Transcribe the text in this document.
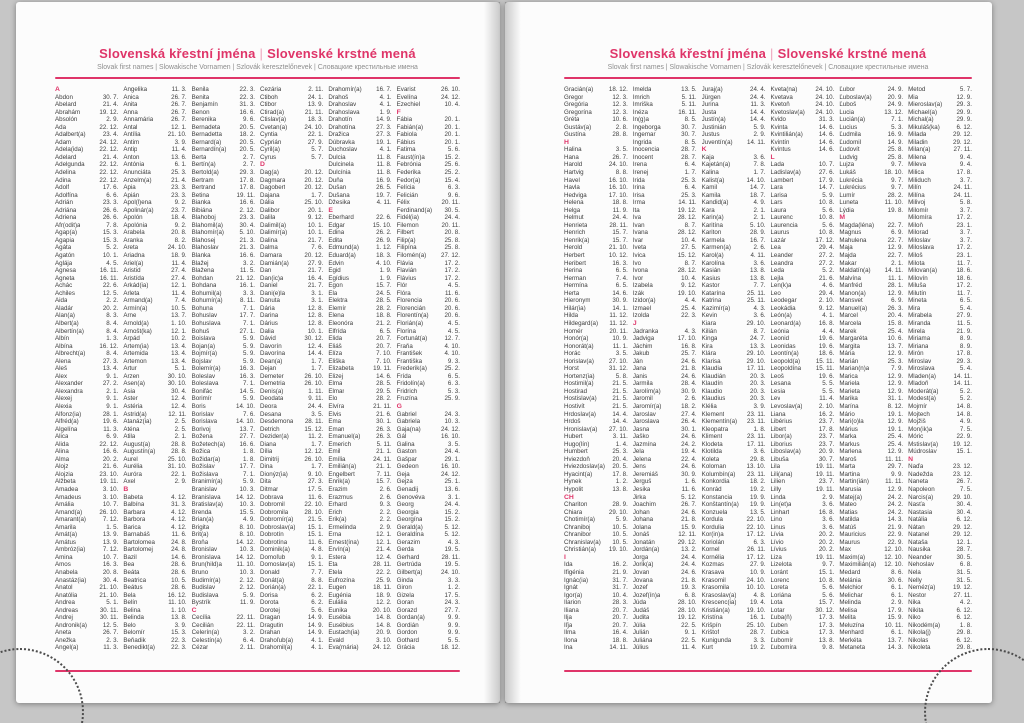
Slovenská křestní jména | Slovenské krstné mená
Slovak first names | Slowakische Vornamen | Szlovák keresztelőnevek | Словацкие крестильные имена
A
Abdon	30. 7.
Abelard	21. 4.
Abrahám	19. 12.
Absolón	2. 9.
Ada	22. 12.
Adalbert(a)	23. 4.
Adam	24. 12.
Adela(ida)	22. 12.
Adelard	21. 4.
Adelgunda 22. 12.
Adelina	22. 12.
Adina	22. 12.
Adolf	17. 6.
Adolfína	6. 6.
Adrián	23. 3.
Adriána	26. 6.
Adriena	26. 6.
Afr(odit)a	7. 8.
Agap(a)	15. 3.
Agapia	15. 3.
Agáta	5. 2.
Agatón	10. 1.
Aglája	4. 5.
Agnesa	16. 11.
Agneta	16. 11.
Achác	22. 6.
Achiles	12. 5.
Aida	2. 2.
Aladár	20. 2.
Alan(a)	8. 3.
Albert(a)	8. 4.
Albertín(a)	8. 4.
Albín	1. 3.
Albína	16. 12.
Albrecht(a)	8. 4.
Alena	27. 3.
Aleš	13. 4.
Alex	9. 1.
Alexander	27. 2.
Alexandra	2. 1.
Alexej	9. 1.
Alexia	9. 1.
Alfonz(ia)	28. 1.
Alfréd(a)	19. 6.
Algelína	11. 3.
Alica	6. 9.
Alida	22. 12.
Alina	16. 6.
Alma	20. 2.
Alojz	21. 6.
Alojzia	23. 10.
Alžbeta	19. 11.
Amadea	3. 10.
Amadeus	3. 10.
Amália	10. 7.
Amand(a)	26. 10.
Amarant(a)	7. 12.
Amarila	1. 5.
Amát(a)	13. 9.
Amátus	13. 9.
Ambróz(ia)	7. 12.
Amina	10. 7.
Amos	16. 3.
Anabela	20. 8.
Anastáz(ia)	30. 4.
Anatol	21. 10.
Anatólia	21. 10.
Andrea	5. 1.
Andreas	30. 11.
Andrej	30. 11.
Andronik(a)	12. 5.
Aneta	26. 7.
Anežka	2. 3.
Angel(a)	11. 3.
Angelika	11. 3.
Anica	26. 7.
Anita	26. 7.
Anna	26. 7.
Annamária	26. 7.
Antal	12. 1.
Antília	21. 10.
Antim	3. 9.
Antip	11. 4.
Anton	13. 6.
Antónia	6. 1.
Anunciáta	25. 3.
Anzelm(a)	21. 4.
Apia	23. 3.
Apián	23. 3.
Apol(l)ena	9. 2.
Apolinár(a)	23. 7.
Apolón	18. 4.
Apolónia	9. 2.
Arabela	20. 8.
Aranka	8. 2.
Areta	24. 10.
Ariadna	18. 9.
Ariel(a)	11. 4.
Aristid	27. 4.
Aristída	27. 4.
Arkád(ia)	12. 1.
Arleta	11. 4.
Armand(a)	7. 4.
Armín(a)	10. 5.
Arne	13. 7.
Arnold(a)	1. 10.
Arnošt(ka)	12. 1.
Árpád	10. 2.
Artem(ia)	13. 4.
Artemida	13. 4.
Artemon	13. 4.
Artur	5. 1.
Arzen	30. 10.
Asen(a)	30. 10.
Asia	30. 4.
Aster	12. 4.
Astéria	12. 4.
Astrid(a)	12. 11.
Atanáz(ia)	2. 5.
Aténa	2. 5.
Atila	2. 1.
August(a)	28. 8.
Augustín(a)	28. 8.
Aurel	25. 10.
Aurélia	31. 10.
Auróra	22. 1.
Axel	2. 9.
B
Babeta	4. 12.
Balbína	31. 3.
Barbara	4. 12.
Barbora	4. 12.
Barica	4. 12.
Barnabáš	11. 6.
Bartolomea	24. 8.
Bartolomej	24. 8.
Bazil	14. 6.
Bea	28. 6.
Beáta	28. 6.
Beatrica	10. 5.
Beátus	28. 6.
Bela	16. 12.
Belín	11. 10.
Belina	1. 10.
Belinda	13. 8.
Belo	3. 9.
Belomír	15. 3.
Beňadik	22. 3.
Benedikt(a)	22. 3.
Benila	22. 3.
Benita	22. 3.
Benjamín	31. 3.
Benon	16. 6.
Berenika	9. 6.
Bernadeta	20. 5.
Bernadetta	18. 2.
Bernard(a)	20. 5.
Bernardín(a) 20. 5.
Berta	2. 7.
Bertín(a)	2. 7.
Bertold(a)	29. 3.
Bertram	17. 8.
Bertrand	17. 8.
Betina	19. 11.
Bianka	16. 6.
Bibiána	2. 12.
Blahoboj	23. 3.
Blahomil(a)	30. 4.
Blahomír(a)	5. 10.
Blahosej	21. 3.
Blahoslav	21. 3.
Blanka	16. 6.
Blažej	3. 2.
Blažena	11. 5.
Bohdan	21. 12.
Bohdana	16. 1.
Bohumil(a)	3. 3.
Bohumír(a)	8. 11.
Bohuna	7. 1.
Bohuslav	17. 7.
Bohuslava	7. 1.
Bohuš	27. 1.
Boislava	5. 9.
Bojan(a)	5. 9.
Bojmír(a)	5. 9.
Bojslav	5. 9.
Bolemír(a)	16. 3.
Boleslav	16. 3.
Boleslava	7. 1.
Bonifác	14. 5.
Borimír	5. 9.
Boris	14. 10.
Borislav	7. 6.
Borislava	14. 10.
Borivoj	13. 7.
Božena	27. 7.
Božetech(a) 16. 6.
Božica	1. 8.
Božidar(a)	1. 8.
Božislav	17. 7.
Božislava	7. 1.
Branimír(a)	5. 9.
Branislav	10. 3.
Branislava	14. 12.
Bratislav(a)	10. 3.
Brenda	15. 5.
Brian(a)	4. 9.
Brigita	8. 10.
Brit(a)	8. 10.
Broňa	14. 12.
Bronislav	10. 3.
Bronislava	14. 12.
Brun(hild)a 11. 10.
Bruno	10. 3.
Budimír(a)	2. 12.
Budislav	2. 12.
Budislava	5. 9.
Bystrík	11. 9.
C
Cecília	22. 11.
Cecilián	22. 11.
Celerín(a)	3. 2.
Celestín(a)	6. 4.
Cézar	2. 11.
Cezária	2. 11.
Ctiboh	24. 1.
Ctibor	13. 9.
Ctirad(a)	21. 11.
Ctislav(a)	18. 3.
Cvetan(a)	24. 10.
Cyntia	22. 1.
Cyprián	27. 9.
Cyril(a)	5. 7.
Cyrus	5. 7.
D
Dag(a)	20. 12.
Dagmara	20. 12.
Dagobert	20. 12.
Dajana	1. 7.
Dália	25. 10.
Dalibor	20. 1.
Dalila	9. 12.
Dalimil(a)	10. 1.
Dalimír(a)	10. 1.
Dalina	21. 7.
Dalma	7. 6.
Damara	20. 12.
Damián(a)	27. 9.
Dan	21. 7.
Dan(ic)a	16. 4.
Daniel	21. 7.
Dani(e)la	3. 1.
Danuta	3. 1.
Dária	12. 8.
Darina	12. 8.
Dárius	12. 8.
Dalia	10. 1.
Dávid	30. 12.
Davorín	12. 4.
Davorína	14. 4.
Dean(a)	1. 7.
Dejan	1. 7.
Demeter	26. 10.
Demetria	26. 10.
Denis(a)	1. 11.
Deodata	9. 11.
Deora	24. 4.
Desana	3. 5.
Desdemona 28. 11.
Detrich	15. 12.
Dezider(a)	11. 2.
Diana	1. 7.
Dília	12. 12.
Dimitrij	26. 10.
Dina	1. 7.
Dionýz(ia)	9. 10.
Dita	27. 3.
Ditmar	17. 5.
Dobrava	11. 6.
Dobromil	22. 10.
Dobromila	28. 10.
Dobromír(a) 21. 5.
Dobroslav(a) 15. 1.
Dobrotín	15. 1.
Dobrotína	11. 6.
Dominik(a)	4. 8.
Domoľub	9. 1.
Domoslav(a) 15. 1.
Donald	7. 7.
Donát(a)	8. 8.
Dorián(a)	22. 1.
Dorisa	6. 2.
Dorota	6. 2.
Dorotej	5. 6.
Dragan	14. 9.
Dragutin	14. 9.
Drahan	14. 9.
Drahoľub(a)	4. 1.
Drahomil(a)	4. 1.
Drahomír(a) 16. 7.
Drahoš	4. 1.
Drahoslav	4. 1.
Drahoslava	1. 9.
Drahotín	14. 9.
Drahotína	27. 3.
Dražica	27. 3.
Dúbravka	19. 1.
Duchoslav	4. 1.
Dulcia	11. 8.
Dulcinela	11. 8.
Dulcínia	11. 8.
Duňa	16. 9.
Dušan	26. 5.
Dušana	19. 7.
Džesika	4. 11.
E
Eberhard	22. 6.
Edgar	15. 10.
Edina	26. 2.
Edita	26. 9.
Edmund(a)	1. 12.
Eduard(a)	18. 3.
Edvin	4. 10.
Egid	1. 9.
Egídius	1. 9.
Egon	15. 7.
Ela	24. 5.
Elektra	28. 5.
Elemír	28. 2.
Elena	18. 8.
Eleonóra	21. 2.
Elfrída	6. 5.
Elida	20. 7.
Eliáš	20. 7.
Elíza	7. 10.
Eliška	7. 10.
Elizabeta	19. 11.
Elizej	14. 6.
Elma	28. 5.
Elmar	29. 5.
Elo	28. 2.
Elvíra	21. 11.
Elvis	21. 6.
Ema	30. 1.
Eman	26. 3.
Emanuel(a)	26. 3.
Emerich	5. 11.
Emil	21. 1.
Emília	24. 11.
Emilián(a)	21. 1.
Engelbert	7. 11.
Enrik(a)	15. 7.
Erazim	2. 6.
Erazmus	2. 6.
Erhard	9. 3.
Erich	2. 2.
Erik(a)	2. 2.
Ermelinda	2. 9.
Erna	12. 1.
Ernest(ína)	12. 1.
Ervín(a)	21. 4.
Estera	12. 4.
Eta	28. 11.
Etela	22. 2.
Eufrozína	25. 9.
Eugen	18. 11.
Eugénia	18. 9.
Eulália	12. 2.
Eunika	20. 10.
Eusébia	14. 8.
Eusébius	14. 8.
Eustach(ia)	20. 9.
Evald	3. 10.
Eva(mária) 24. 12.
Evarist	26. 10.
Evelína	24. 12.
Ezechiel	10. 4.
F
Fábia	20. 1.
Fabián(a)	20. 1.
Fabiola	20. 1.
Fábius	20. 1.
Fatima	5. 6.
Faust(ín)a	15. 2.
Febrónia	25. 6.
Federika	25. 2.
Fedor(a)	15. 4.
Felícia	6. 3.
Felicián	9. 6.
Félix	20. 11.
Ferdinand(a) 30. 5.
Fidél(ia)	24. 4.
Filemon	20. 11.
Filbert	20. 8.
Filip(a)	25. 8.
Filipína	25. 8.
Filomén(a) 27. 12.
Flávia	17. 2.
Flavián	17. 2.
Flávius	17. 2.
Flór	4. 5.
Flóra	11. 6.
Florencia	20. 6.
Florencián	20. 6.
Florentín(a)	20. 6.
Florián(a)	4. 5.
Florína	4. 5.
Fortunát(a)	12. 7.
Fraňa	4. 10.
František	4. 10.
Františka	9. 3.
Frederik(a)	25. 2.
Frída	6. 5.
Fridolín(a)	6. 3.
Fridrich	5. 3.
Fruzína	25. 9.
G
Gabriel	24. 3.
Gabriela	10. 3.
Gaja(na)	24. 12.
Gál	16. 10.
Galina	3. 5.
Gaston	24. 4.
Gašpar	29. 1.
Gedeon	16. 10.
Geja	24. 12.
Gejza	25. 1.
Genadij	13. 6.
Genovéva	3. 1.
Georg	24. 4.
Georgia	15. 2.
Georgína	15. 2.
Gerald(a)	5. 12.
Geraldína	5. 12.
Gerazim	4. 3.
Gerda	19. 5.
Gerhard	28. 11.
Gertrúda	19. 5.
Gilbert(a)	24. 10.
Ginda	3. 3.
Giron	1. 2.
Gizela	17. 5.
Goran	24. 3.
Gorazd	27. 7.
Gordan(a)	9. 9.
Gordián	9. 9.
Gordon	9. 9.
Gothard	5. 5.
Grácia	18. 12.
Slovenská křestní jména | Slovenské krstné mená
Slovak first names | Slowakische Vornamen | Szlovák keresztelőnevek | Словацкие крестильные имена
Gracián(a)	18. 12.
Gregor	12. 3.
Gregória	12. 3.
Gregorína	12. 3.
Gréta	10. 6.
Gustáv(a)	2. 8.
Gustína	28. 8.
H
Halina	3. 5.
Hana	26. 7.
Harold	24. 10.
Hartvig	8. 8.
Havel	16. 10.
Havla	16. 10.
Hedviga	17. 10.
Helena	18. 8.
Helga	11. 9.
Helmut	24. 4.
Henrieta	28. 11.
Henrich	15. 7.
Henrik(a)	15. 7.
Herold	21. 10.
Herbert	10. 12.
Heribert	16. 3.
Herina	6. 5.
Herman	7. 4.
Hermína	6. 5.
Herta	14. 6.
Hieronym	30. 9.
Hilár(ia)	14. 1.
Hilda	11. 12.
Hildegard(a) 11. 12.
Homér	20. 11.
Honór(a)	10. 9.
Honorát(a)	11. 1.
Horác	3. 5.
Horislav(a) 27. 10.
Horst	31. 12.
Hortenz(ia)	5. 8.
Hostimil(a)	21. 5.
Hostirad	21. 5.
Hostislav(a)	21. 5.
Hostivít	21. 5.
Hrdoslav(a)	14. 4.
Hrdoš	14. 4.
Hronislav(a) 27. 10.
Hubert	3. 11.
Hugo(lín)	1. 4.
Humbert	25. 3.
Hviezdoň	20. 4.
Hviezdoslav(a) 20. 5.
Hyacint(a)	17. 8.
Hynek	1. 2.
Hypolit	13. 8.
CH
Chariton	28. 9.
Chiara	29. 10.
Chotimír(a)	5. 9.
Chraniboj	10. 5.
Chranibor	10. 5.
Chranislav(a) 10. 5.
Christián(a) 19. 10.
I
Ida	16. 2.
Ifigénia	21. 9.
Ignác(ia)	31. 7.
Ignát	31. 7.
Igor(a)	10. 4.
Ilarion	28. 3.
Iliana	20. 7.
Ilja	20. 7.
Iľja	20. 7.
Ilma	16. 4.
Ilona	18. 8.
Ina	14. 11.
Imelda	13. 5.
Imrich	5. 11.
Imriška	5. 11.
Inéza	16. 11.
In(g)a	8. 5.
Ingeborga	30. 7.
Ingemar	30. 7.
Ingrida	8. 5.
Inocencia	28. 7.
Inocent	28. 7.
Irena	6. 4.
Irenej	1. 7.
Irida	25. 3.
Irina	6. 4.
Irisa	25. 3.
Irma	14. 11.
Ita	19. 12.
Iva	28. 12.
Ivan	8. 7.
Ivana	28. 12.
Ivar	10. 4.
Iveta	27. 5.
Ivica	15. 12.
Ivo	8. 7.
Ivona	28. 12.
Ivor	10. 4.
Izabela	9. 12.
Izák	19. 10.
Izidor(a)	4. 4.
Izmael	25. 4.
Izolda	22. 3.
J
Jadranka	4. 3.
Jadviga	17. 10.
Jáchim	16. 8.
Jakub	25. 7.
Ján	24. 6.
Jana	21. 8.
Janis	24. 6.
Jarmila	28. 4.
Jarolím(a)	30. 9.
Jaromil	2. 6.
Jaromír(a)	18. 2.
Jaroslav	27. 4.
Jaroslava	26. 4.
Jasna	30. 1.
Jaško	24. 6.
Jazmína	24. 2.
Jela	19. 4.
Jelena	22. 4.
Jens	24. 6.
Jeremiáš	30. 9.
Jerguš	1. 6.
Jesika	11. 6.
Jirka	5. 12.
Joachim	26. 7.
Johan	24. 6.
Johana	21. 8.
Jolana	15. 9.
Jonáš	12. 11.
Jonatán	29. 12.
Jordán(a)	13. 2.
Jorga	24. 4.
Jorik(a)	24. 4.
Jovan	24. 6.
Jovana	21. 8.
Jozef	19. 3.
Jozef(ín)a	6. 8.
Júda	28. 10.
Judáš	28. 10.
Judita	19. 12.
Júlia	22. 5.
Julián	9. 1.
Juliána	22. 5.
Július	11. 4.
Juraj(a)	24. 4.
Jürgen	24. 4.
Jurina	11. 3.
Justa	14. 4.
Justín(a)	14. 4.
Justinián	5. 9.
Justus	2. 9.
Juventín(a) 14. 11.
K
Kaja	3. 6.
Kajetán(a)	7. 8.
Kalina	1. 7.
Kalist(a)	14. 10.
Kamil	14. 7.
Kamila	18. 7.
Kandid(a)	4. 9.
Kara	2. 1.
Karin(a)	2. 1.
Karitína	5. 10.
Kariton	28. 9.
Karmela	16. 7.
Karmen(a)	2. 6.
Karol(a)	4. 11.
Karolína	3. 6.
Kasián	13. 8.
Kasius	13. 8.
Kastor	7. 7.
Katarína	25. 11.
Katrina	25. 11.
Kazimír(a)	4. 3.
Kevin	3. 6.
Kiara	29. 10.
Kilián	8. 7.
Kinga	24. 7.
Kira	13. 3.
Klára	29. 10.
Klarisa	29. 10.
Klaudia	17. 11.
Klaudián	20. 3.
Klaudín	20. 3.
Klaudio	20. 3.
Klaudius	20. 3.
Klélia	3. 9.
Klement	23. 11.
Klementín(a) 23. 11.
Kleopatra	1. 8.
Kliment	23. 11.
Klodeta	17. 11.
Klotilda	3. 6.
Koleta	29. 8.
Koloman	13. 10.
Kolumbín(a) 23. 11.
Konkordia	18. 2.
Konrád	19. 2.
Konstancia	19. 9.
Konštantín(a) 19. 9.
Konzuela	13. 5.
Kordula	22. 10.
Kordulia	22. 10.
Kor(in)a	17. 12.
Koriolán	6. 3.
Kornel	26. 11.
Kornélia	17. 12.
Kozmas	27. 9.
Krasava	10. 9.
Krasomil	24. 10.
Krasomila	10. 10.
Krasoslav(a)	4. 8.
Krescenc(ia) 19. 4.
Kristián(a)	19. 10.
Kristína	16. 1.
Krišpín	25. 10.
Krištof	28. 7.
Kunigunda	3. 3.
Kurt	19. 2.
Kveta(na)	24. 10.
Kvetava	24. 10.
Kvetoň	24. 10.
Kvetoslav(a) 24. 10.
Kvido	31. 3.
Kvinta	14. 6.
Kvintilián(a)	14. 6.
Kvintín	14. 6.
Kvintus	14. 6.
L
Lada	10. 7.
Ladislav(a)	27. 6.
Lambert	17. 9.
Lara	14. 7.
Larisa	5. 9.
Lars	10. 8.
Laura	5. 6.
Laurenc	10. 8.
Laurencia	5. 6.
Laurus	10. 8.
Lazár	17. 12.
Lea	29. 4.
Leander	27. 2.
Leandra	27. 2.
Leda	5. 2.
Lejla	21. 6.
Len(k)a	4. 6.
Leo	29. 4.
Leodegar	2. 10.
Leokádia	9. 12.
León(a)	4. 1.
Leonard(a)	16. 8.
Leónia	4. 4.
Leonid	19. 6.
Leonidas	19. 6.
Leontín(a)	18. 6.
Leopold(a)	15. 11.
Leopoldína 15. 11.
Leoš	19. 6.
Lesana	5. 5.
Lesia	5. 5.
Lev	11. 4.
Levoslav(a)	2. 10.
Liana	16. 2.
Libérius	23. 7.
Libert	17. 8.
Libor(a)	23. 7.
Liborius	23. 7.
Liboslav(a)	20. 9.
Libuša	30. 7.
Lila	19. 11.
Lili(ana)	19. 11.
Lilien	23. 7.
Lilly	19. 11.
Linda	2. 9.
Lin(et)a	3. 6.
Linhart	16. 8.
Lino	3. 6.
Linus	3. 6.
Lívia	20. 2.
Lívio	20. 2.
Lívius	20. 2.
Liza	19. 11.
Lizelota	9. 7.
Loránt	15. 1.
Lorenc	10. 8.
Loreta	5. 6.
Loriána	5. 6.
Lota	15. 7.
Lotar	30. 12.
Ľuba(ň)	17. 3.
Ľuben	17. 3.
Ľubica	17. 3.
Ľubomír	13. 8.
Ľubomíra	9. 8.
Ľubor	24. 9.
Ľuboslav(a)	20. 9.
Ľuboš	24. 9.
Lucia	13. 12.
Lucián(a)	7. 1.
Lucius	5. 3.
Ľudmila	16. 9.
Ľudomil	14. 9.
Ľudovít	25. 8.
Ludvig	25. 8.
Lujza	9. 7.
Lukáš	18. 10.
Lukrécia	9. 7.
Lukrécius	9. 7.
Lumír	28. 2.
Luneta	11. 10.
Lýdia	19. 8.
M
Magda(léna) 22. 7.
Magnus	6. 9.
Mahulena	22. 7.
Maja	12. 9.
Majda	22. 7.
Makar	2. 1.
Maldatín(a) 14. 11.
Malvína	11. 1.
Manfréd	28. 1.
Manon(a)	12. 9.
Mansvet	6. 9.
Manuel(a)	26. 3.
Marcel	20. 4.
Marcela	15. 8.
Marek	25. 4.
Margaréta	10. 6.
Margita	13. 7.
Mária	12. 9.
Marián	25. 3.
Marian(n)a	7. 9.
Marica	12. 9.
Mariela	12. 9.
Marieta	12. 9.
Marika	31. 1.
Marína	8. 12.
Mário	19. 1.
Mari(o)la	12. 9.
Márius	19. 1.
Marka	25. 4.
Markus	25. 4.
Marlena	12. 9.
Maroš	11. 11.
Marta	29. 7.
Martina	9. 9.
Martin(ián)	11. 11.
Marusia	12. 9.
Matej(a)	24. 2.
Mateo	24. 2.
Matias	24. 2.
Matilda	14. 3.
Matúš	21. 9.
Mauricius	22. 9.
Maurus	22. 9.
Max	12. 10.
Maxim(a)	12. 10.
Maximilián(a) 12. 10.
Medard	8. 6.
Melánia	30. 6.
Melchior	6. 1.
Melichar	6. 1.
Melinda	2. 9.
Melisa	17. 9.
Melita	15. 9.
Meluzína	10. 11.
Menhard	6. 1.
Merkéta	13. 7.
Metaneta	14. 3.
Metod	5. 7.
Mia	12. 9.
Mieroslav(a) 29. 3.
Michael(a)	29. 9.
Michal(a)	29. 9.
Mikuláš(ka)	6. 12.
Milada	29. 12.
Miladin	29. 12.
Milan(a)	27. 11.
Milena	9. 4.
Mileva	9. 4.
Milica	17. 8.
Miliduch	3. 7.
Milín	24. 11.
Milína	24. 11.
Milivoj	5. 8.
Milomír	3. 7.
Milomíra	17. 2.
Miloň	23. 1.
Milorad	3. 7.
Miloslav	3. 7.
Miloslava	17. 2.
Miloš	23. 1.
Milota	11. 7.
Milovan(a)	18. 6.
Milovín	18. 6.
Miluša	17. 2.
Milutín	11. 7.
Mineta	6. 5.
Mira	5. 4.
Mirabela	27. 9.
Miranda	11. 5.
Mirela	21. 9.
Miriama	8. 9.
Miriana	8. 9.
Mirón	17. 8.
Miroslav	29. 3.
Miroslava	5. 4.
Mladen(a)	14. 11.
Mladoň	14. 11.
Moderát(a)	5. 2.
Modest(a)	5. 2.
Mojmír	14. 8.
Mojtech	14. 8.
Mojžiš	4. 9.
Mon(ik)a	7. 5.
Móric	22. 9.
Mstislav(a) 19. 12.
Múdroslav	15. 1.
N
Naďa	23. 12.
Nadežda	23. 12.
Naneta	26. 7.
Napoleon	7. 5.
Narcis(a)	29. 10.
Nasťa	30. 4.
Nastasia	30. 4.
Natália	6. 12.
Nátan	29. 12.
Natanel	29. 12.
Nataša	12. 1.
Nausika	28. 7.
Neander	30. 5.
Nehoslav	6. 8.
Nela	31. 5.
Nelly	31. 5.
Neméz(a)	19. 12.
Nestor	27. 11.
Nika	4. 2.
Nikita	6. 12.
Niko	6. 12.
Nikodém(a)	1. 8.
Nikola(j)	29. 8.
Nikolas	6. 12.
Nikoleta	29. 8.
